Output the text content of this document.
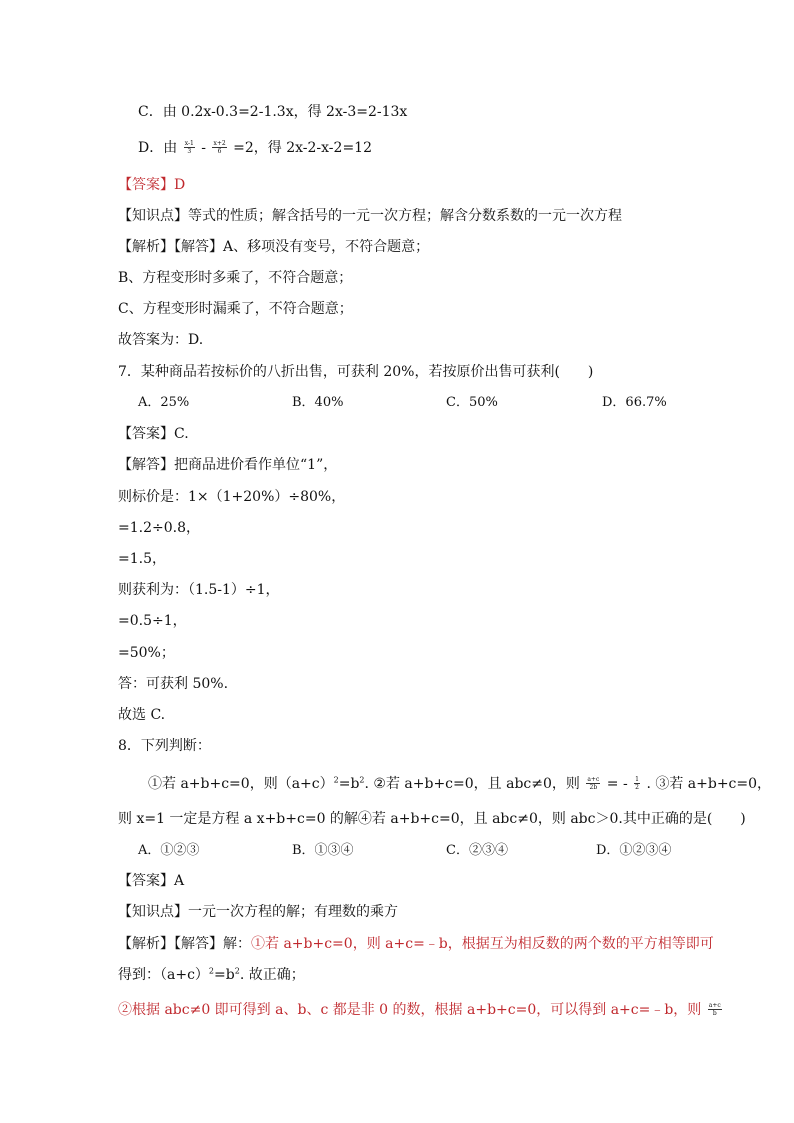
C．由 0.2x-0.3=2-1.3x，得 2x-3=2-13x
D．由 $\frac{x-1}{3} - \frac{x+2}{6} =2$，得 2x-2-x-2=12
【答案】D
【知识点】等式的性质；解含括号的一元一次方程；解含分数系数的一元一次方程
【解析】【解答】A、移项没有变号，不符合题意；
B、方程变形时多乘了，不符合题意；
C、方程变形时漏乘了，不符合题意；
故答案为：D.
7．某种商品若按标价的八折出售，可获利 20%，若按原价出售可获利(　　)
A．25%	B．40%	C．50%	D．66.7%
【答案】C.
【解答】把商品进价看作单位“1”，
则标价是：1×（1+20%）÷80%，
=1.2÷0.8，
=1.5，
则获利为：（1.5-1）÷1，
=0.5÷1，
=50%；
答：可获利 50%.
故选 C.
8．下列判断：
①若 a+b+c=0，则$(a+c)^2=b^2$. ②若 a+b+c=0，且 abc≠0，则 $\frac{a+c}{2b}$ = - $\frac{1}{2}$ . ③若 a+b+c=0，
则 x=1 一定是方程 a x+b+c=0 的解④若 a+b+c=0，且 abc≠0，则 abc＞0.其中正确的是(　　)
A．①②③	B．①③④	C．②③④	D．①②③④
【答案】A
【知识点】一元一次方程的解；有理数的乘方
【解析】【解答】解：①若 a+b+c=0，则 a+c=﹣b，根据互为相反数的两个数的平方相等即可
得到：$(a+c)^2=b^2$. 故正确；
②根据 abc≠0 即可得到 a、b、c 都是非 0 的数，根据 a+b+c=0，可以得到 a+c=﹣b，则 $\frac{a+c}{b}$
